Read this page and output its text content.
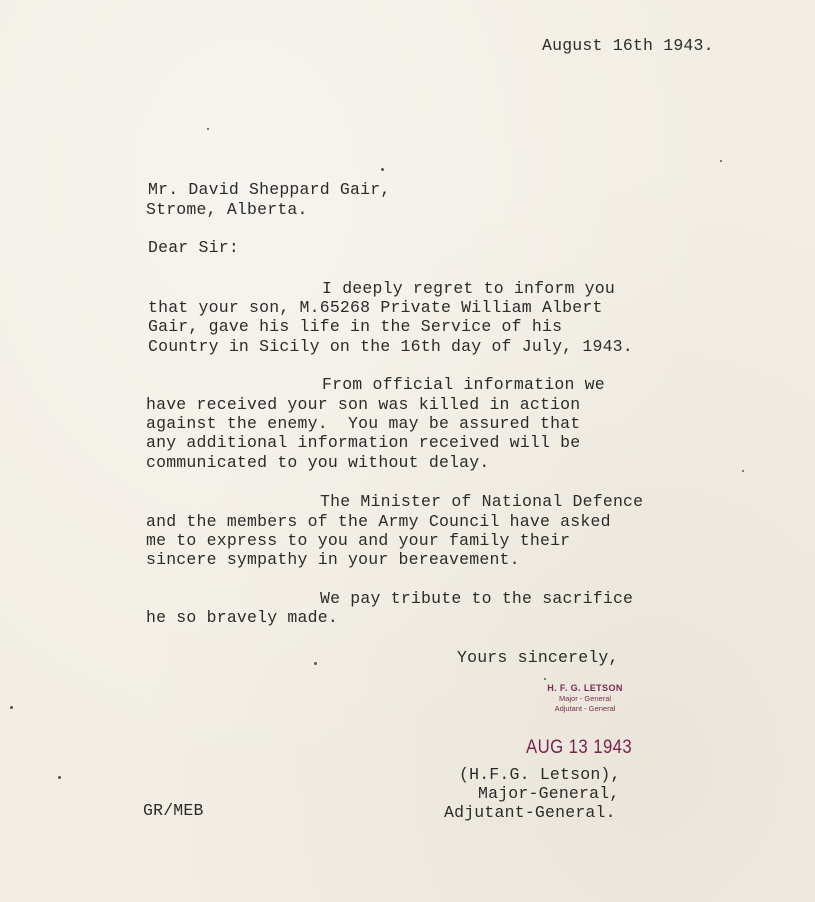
August 16th 1943.
Mr. David Sheppard Gair,
Strome, Alberta.
Dear Sir:
I deeply regret to inform you
that your son, M.65268 Private William Albert
Gair, gave his life in the Service of his
Country in Sicily on the 16th day of July, 1943.
From official information we
have received your son was killed in action
against the enemy.  You may be assured that
any additional information received will be
communicated to you without delay.
The Minister of National Defence
and the members of the Army Council have asked
me to express to you and your family their
sincere sympathy in your bereavement.
We pay tribute to the sacrifice
he so bravely made.
Yours sincerely,
H. F. G. LETSON
Major - General
Adjutant - General
AUG 13 1943
(H.F.G. Letson),
Major-General,
Adjutant-General.
GR/MEB
